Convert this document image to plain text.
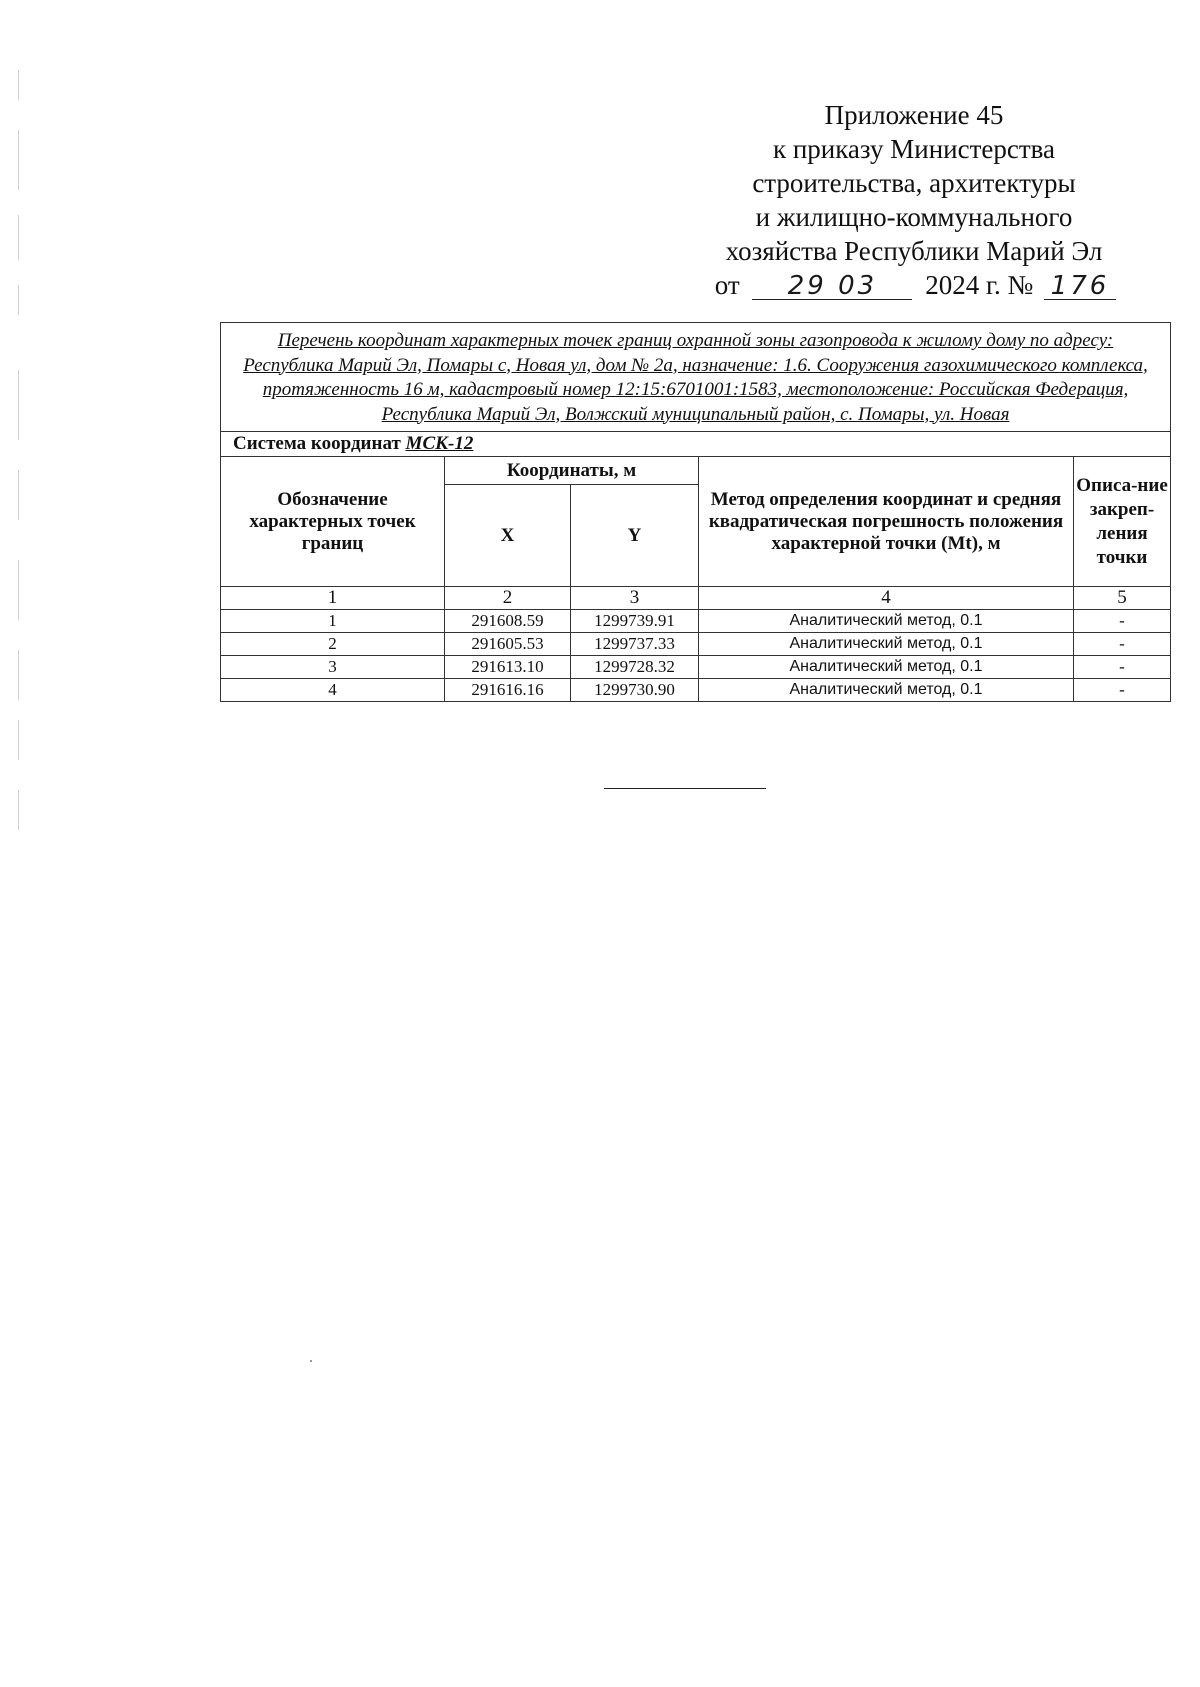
Приложение 45
к приказу Министерства
строительства, архитектуры
и жилищно-коммунального
хозяйства Республики Марий Эл
от 29 03 2024 г. № 176
Перечень координат характерных точек границ охранной зоны газопровода к жилому дому по адресу: Республика Марий Эл, Помары с, Новая ул, дом № 2а, назначение: 1.6. Сооружения газохимического комплекса, протяженность 16 м, кадастровый номер 12:15:6701001:1583, местоположение: Российская Федерация, Республика Марий Эл, Волжский муниципальный район, с. Помары, ул. Новая				
Система координат МСК-12				
Обозначение характерных точек границ	Координаты, м		Метод определения координат и средняя квадратическая погрешность положения характерной точки (Mt), м	Описа-ние закреп-ления точки
	X	Y		
1	2	3	4	5
1	291608.59	1299739.91	Аналитический метод, 0.1	-
2	291605.53	1299737.33	Аналитический метод, 0.1	-
3	291613.10	1299728.32	Аналитический метод, 0.1	-
4	291616.16	1299730.90	Аналитический метод, 0.1	-
